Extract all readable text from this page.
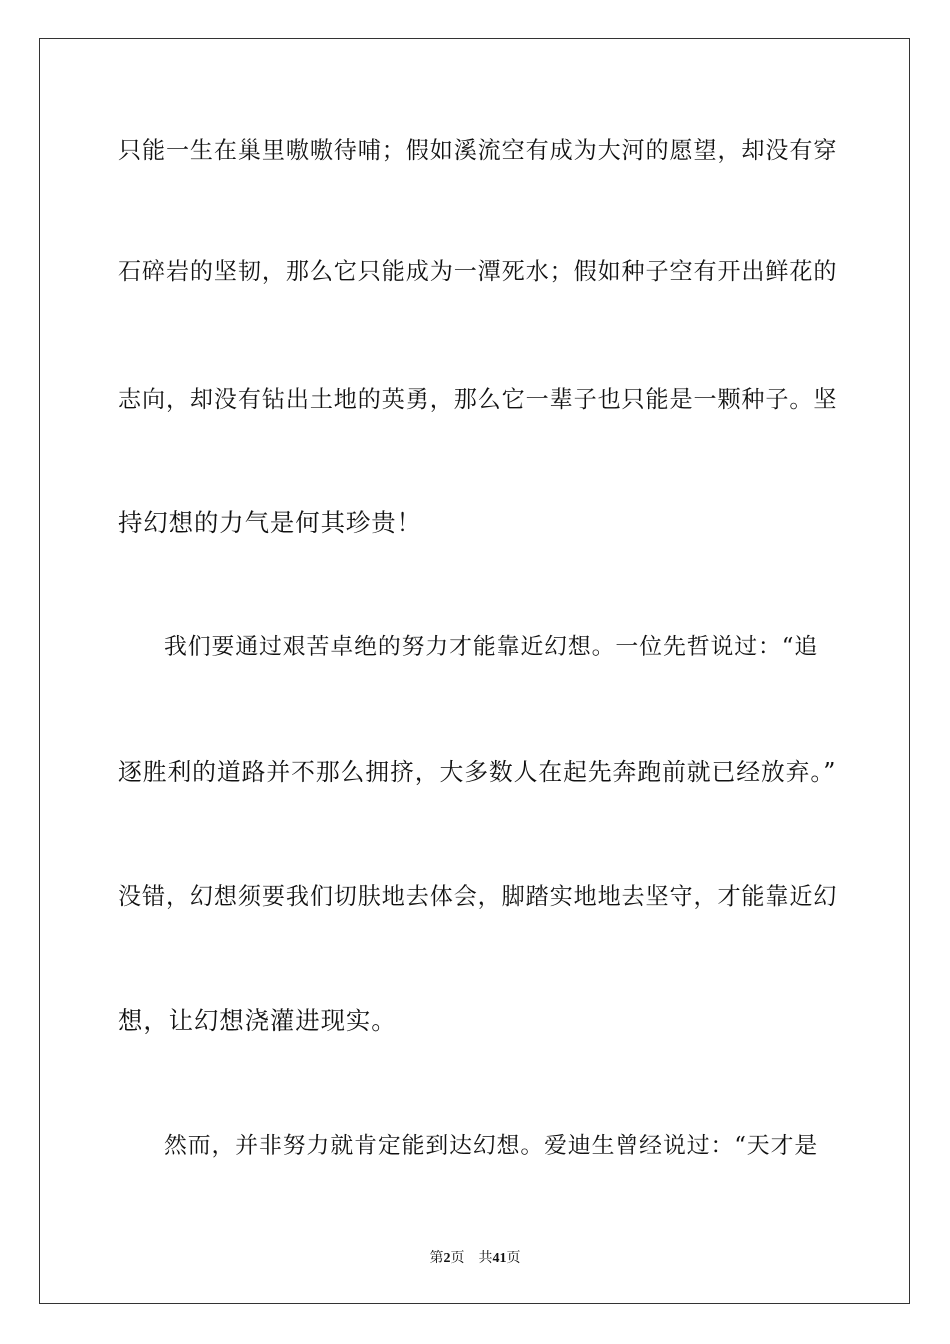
只能一生在巢里嗷嗷待哺；假如溪流空有成为大河的愿望，却没有穿
石碎岩的坚韧，那么它只能成为一潭死水；假如种子空有开出鲜花的
志向，却没有钻出土地的英勇，那么它一辈子也只能是一颗种子。坚
持幻想的力气是何其珍贵！
我们要通过艰苦卓绝的努力才能靠近幻想。一位先哲说过：“追
逐胜利的道路并不那么拥挤，大多数人在起先奔跑前就已经放弃。”
没错，幻想须要我们切肤地去体会，脚踏实地地去坚守，才能靠近幻
想，让幻想浇灌进现实。
然而，并非努力就肯定能到达幻想。爱迪生曾经说过：“天才是
第2页 共41页
